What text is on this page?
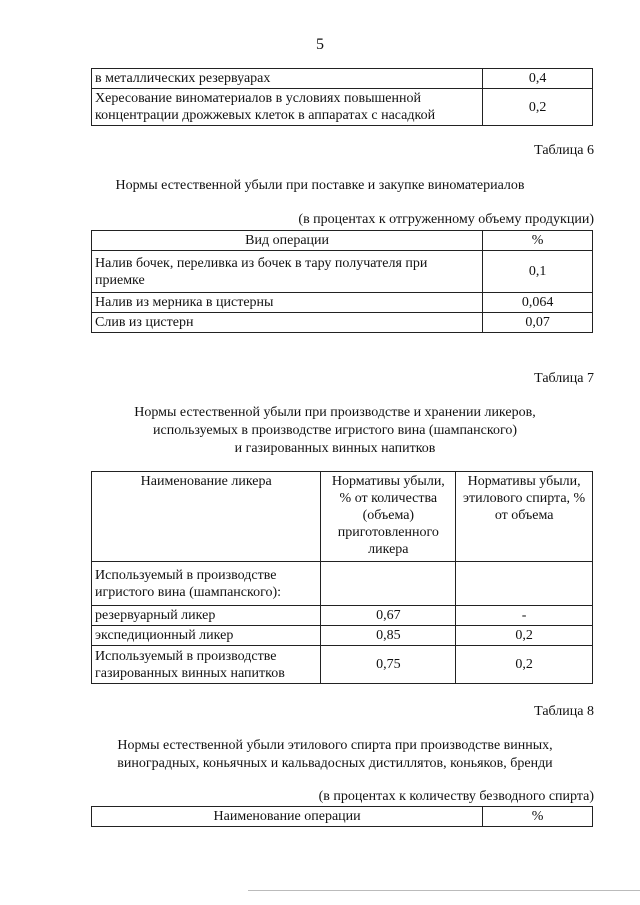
5
в металлических резервуарах	0,4
Хересование виноматериалов в условиях повышенной концентрации дрожжевых клеток в аппаратах с насадкой	0,2
Таблица 6
Нормы естественной убыли при поставке и закупке виноматериалов
(в процентах к отгруженному объему продукции)
Вид операции	%
Налив бочек, переливка из бочек в тару получателя при приемке	0,1
Налив из мерника в цистерны	0,064
Слив из цистерн	0,07
Таблица 7
Нормы естественной убыли при производстве и хранении ликеров,
используемых в производстве игристого вина (шампанского)
и газированных винных напитков
Наименование ликера	Нормативы убыли, % от количества (объема) приготовленного ликера	Нормативы убыли, этилового спирта, % от объема
Используемый в производстве игристого вина (шампанского):		
резервуарный ликер	0,67	-
экспедиционный ликер	0,85	0,2
Используемый в производстве газированных винных напитков	0,75	0,2
Таблица 8
Нормы естественной убыли этилового спирта при производстве винных,
виноградных, коньячных и кальвадосных дистиллятов, коньяков, бренди
(в процентах к количеству безводного спирта)
Наименование операции	%
